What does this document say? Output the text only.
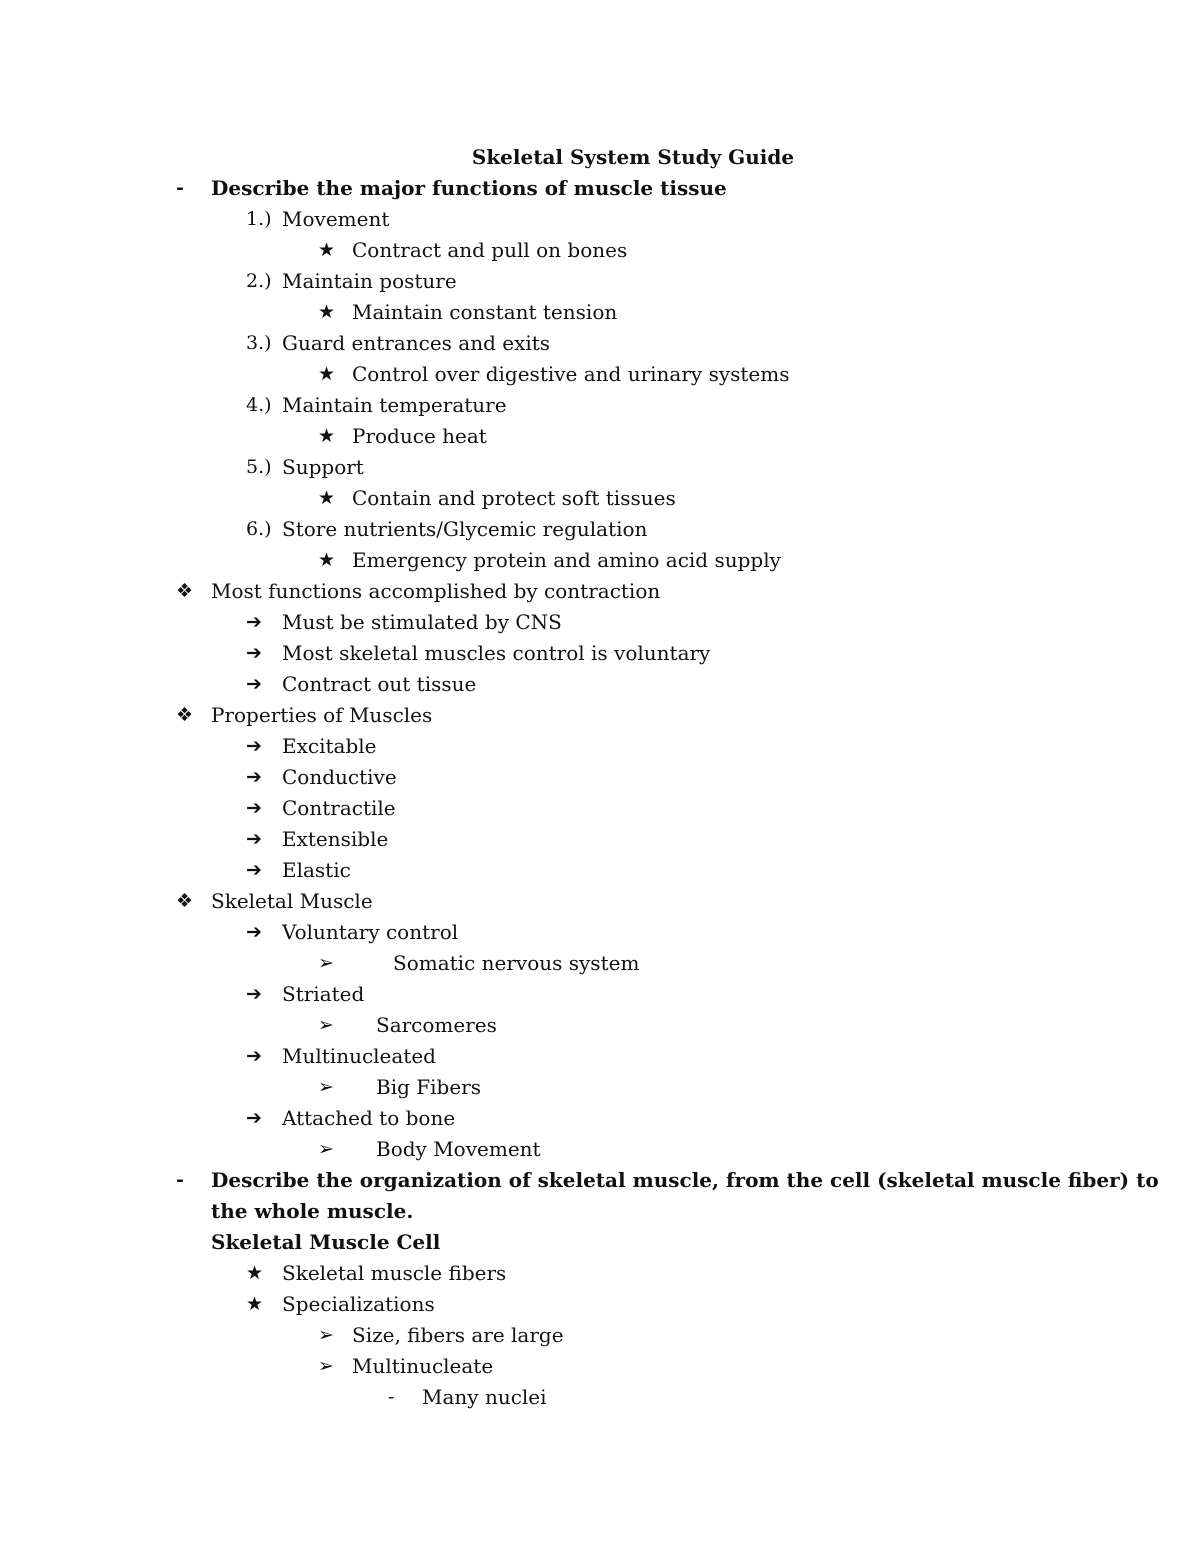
Skeletal System Study Guide
- Describe the major functions of muscle tissue
1.) Movement
★ Contract and pull on bones
2.) Maintain posture
★ Maintain constant tension
3.) Guard entrances and exits
★ Control over digestive and urinary systems
4.) Maintain temperature
★ Produce heat
5.) Support
★ Contain and protect soft tissues
6.) Store nutrients/Glycemic regulation
★ Emergency protein and amino acid supply
❖ Most functions accomplished by contraction
➔ Must be stimulated by CNS
➔ Most skeletal muscles control is voluntary
➔ Contract out tissue
❖ Properties of Muscles
➔ Excitable
➔ Conductive
➔ Contractile
➔ Extensible
➔ Elastic
❖ Skeletal Muscle
➔ Voluntary control
➢	Somatic nervous system
➔ Striated
➢ Sarcomeres
➔ Multinucleated
➢ Big Fibers
➔ Attached to bone
➢ Body Movement
- Describe the organization of skeletal muscle, from the cell (skeletal muscle fiber) to
the whole muscle.
Skeletal Muscle Cell
★ Skeletal muscle fibers
★ Specializations
➢ Size, fibers are large
➢ Multinucleate
- Many nuclei
